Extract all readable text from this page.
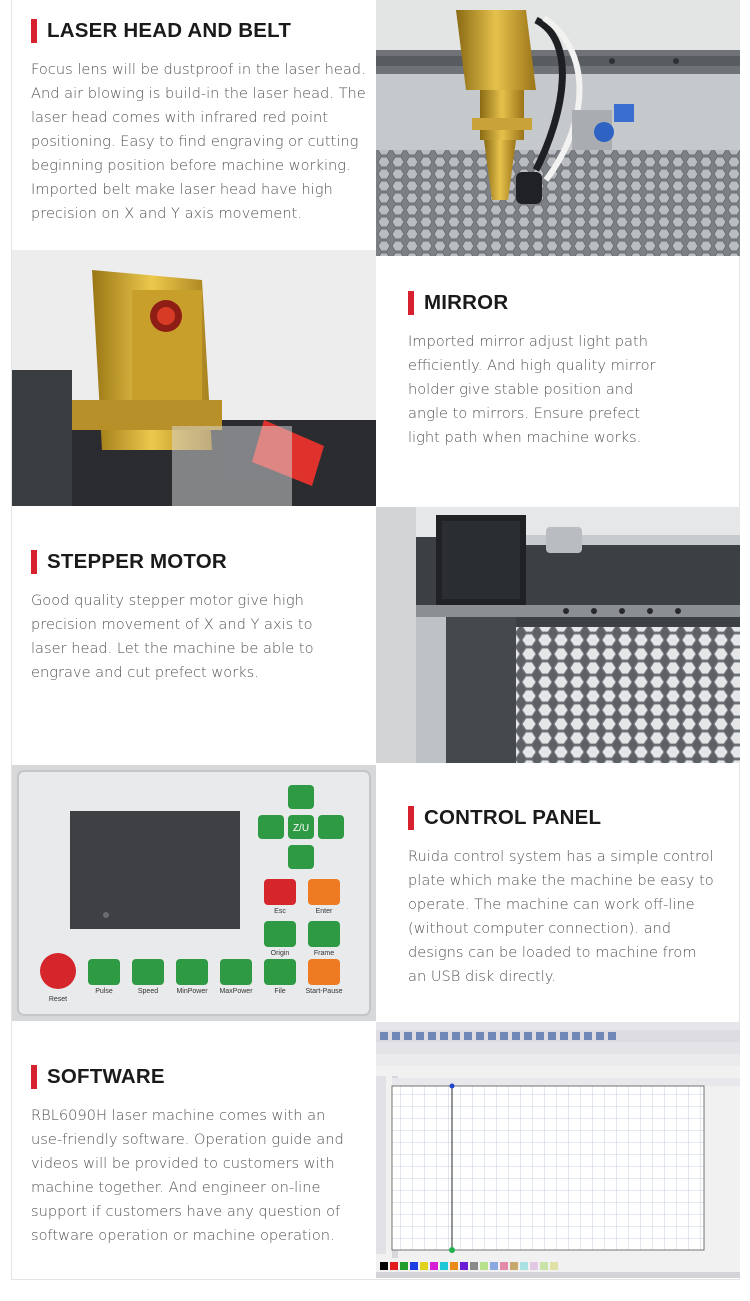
LASER HEAD AND BELT
Focus lens will be dustproof in the laser head.
And air blowing is build-in the laser head. The
laser head comes with infrared red point
positioning. Easy to find engraving or cutting
beginning position before machine working.
Imported belt make laser head have high
precision on X and Y axis movement.
MIRROR
Imported mirror adjust light path
efficiently. And high quality mirror
holder give stable position and
angle to mirrors. Ensure prefect
light path when machine works.
STEPPER MOTOR
Good quality stepper motor give high
precision movement of X and Y axis to
laser head. Let the machine be able to
engrave and cut prefect works.
Z/U
Esc	Enter
Origin	Frame
Reset
Pulse	Speed	MinPower MaxPower	File	Start-Pause
CONTROL PANEL
Ruida control system has a simple control
plate which make the machine be easy to
operate. The machine can work off-line
(without computer connection). and
designs can be loaded to machine from
an USB disk directly.
SOFTWARE
RBL6090H laser machine comes with an
use-friendly software. Operation guide and
videos will be provided to customers with
machine together. And engineer on-line
support if customers have any question of
software operation or machine operation.
